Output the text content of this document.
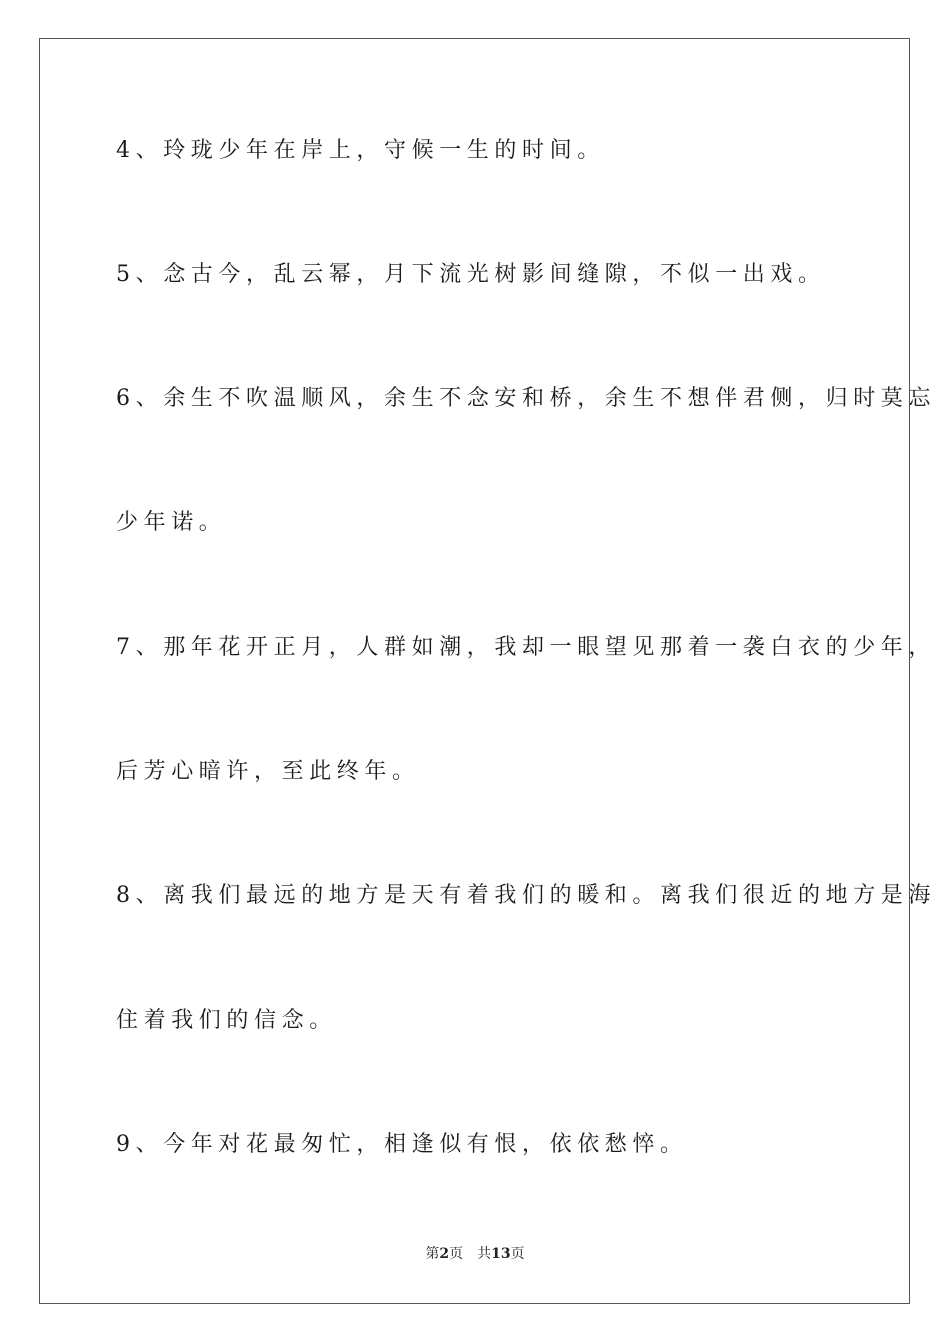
4、玲珑少年在岸上，守候一生的时间。
5、念古今，乱云幂，月下流光树影间缝隙，不似一出戏。
6、余生不吹温顺风，余生不念安和桥，余生不想伴君侧，归时莫忘
少年诺。
7、那年花开正月，人群如潮，我却一眼望见那着一袭白衣的少年，
后芳心暗许，至此终年。
8、离我们最远的地方是天有着我们的暖和。离我们很近的地方是海
住着我们的信念。
9、今年对花最匆忙，相逢似有恨，依依愁悴。
第2页 共13页
